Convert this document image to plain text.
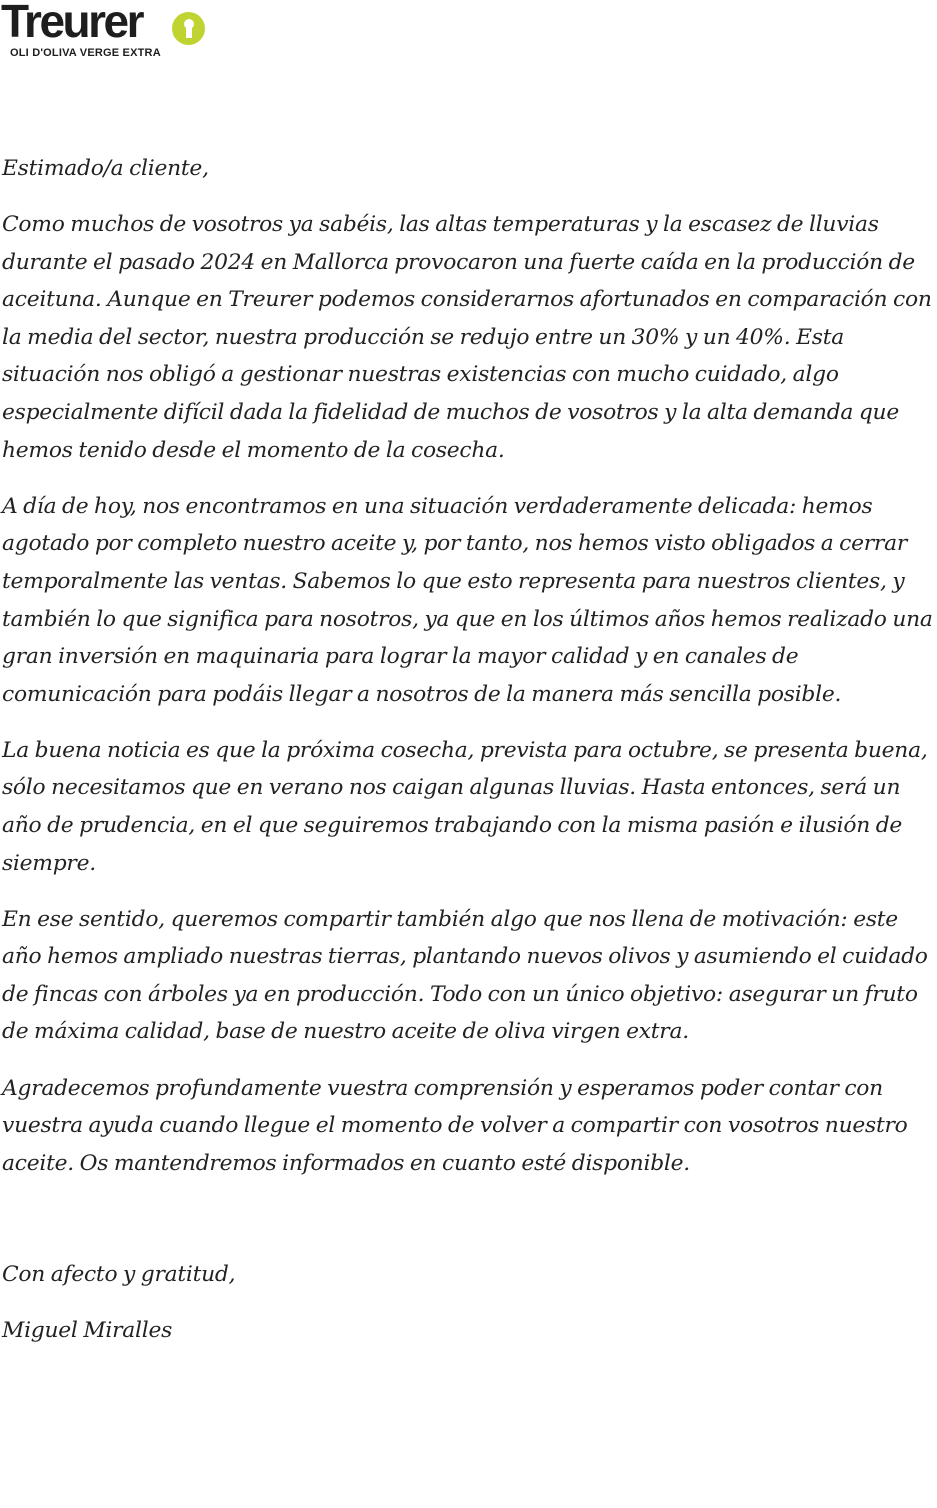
Treurer
OLI D'OLIVA VERGE EXTRA

Estimado/a cliente,

Como muchos de vosotros ya sabéis, las altas temperaturas y la escasez de lluvias durante el pasado 2024 en Mallorca provocaron una fuerte caída en la producción de aceituna. Aunque en Treurer podemos considerarnos afortunados en comparación con la media del sector, nuestra producción se redujo entre un 30% y un 40%. Esta situación nos obligó a gestionar nuestras existencias con mucho cuidado, algo especialmente difícil dada la fidelidad de muchos de vosotros y la alta demanda que hemos tenido desde el momento de la cosecha.

A día de hoy, nos encontramos en una situación verdaderamente delicada: hemos agotado por completo nuestro aceite y, por tanto, nos hemos visto obligados a cerrar temporalmente las ventas. Sabemos lo que esto representa para nuestros clientes, y también lo que significa para nosotros, ya que en los últimos años hemos realizado una gran inversión en maquinaria para lograr la mayor calidad y en canales de comunicación para podáis llegar a nosotros de la manera más sencilla posible.

La buena noticia es que la próxima cosecha, prevista para octubre, se presenta buena, sólo necesitamos que en verano nos caigan algunas lluvias. Hasta entonces, será un año de prudencia, en el que seguiremos trabajando con la misma pasión e ilusión de siempre.

En ese sentido, queremos compartir también algo que nos llena de motivación: este año hemos ampliado nuestras tierras, plantando nuevos olivos y asumiendo el cuidado de fincas con árboles ya en producción. Todo con un único objetivo: asegurar un fruto de máxima calidad, base de nuestro aceite de oliva virgen extra.

Agradecemos profundamente vuestra comprensión y esperamos poder contar con vuestra ayuda cuando llegue el momento de volver a compartir con vosotros nuestro aceite. Os mantendremos informados en cuanto esté disponible.

Con afecto y gratitud,

Miguel Miralles
